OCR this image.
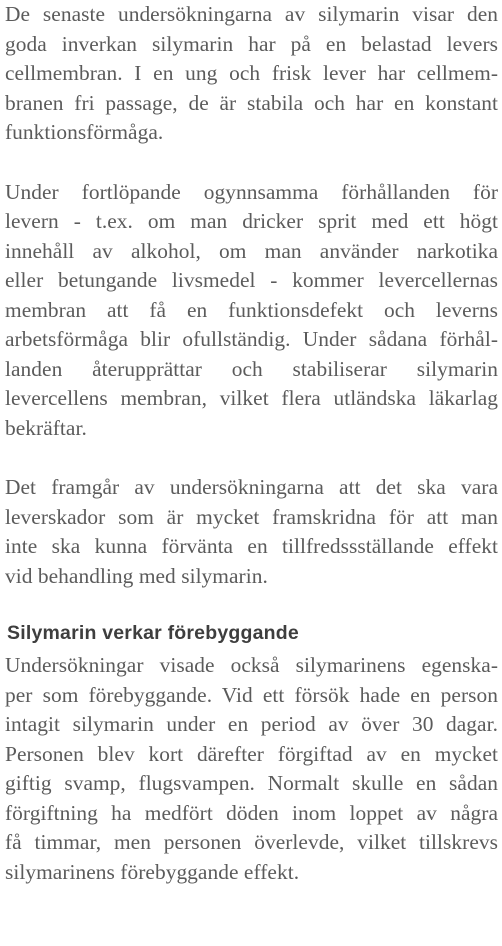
De senaste undersökningarna av silymarin visar den
goda inverkan silymarin har på en belastad levers
cellmembran. I en ung och frisk lever har cellmem-
branen fri passage, de är stabila och har en konstant
funktionsförmåga.
Under fortlöpande ogynnsamma förhållanden för
levern - t.ex. om man dricker sprit med ett högt
innehåll av alkohol, om man använder narkotika
eller betungande livsmedel - kommer levercellernas
membran att få en funktionsdefekt och leverns
arbetsförmåga blir ofullständig. Under sådana förhål-
landen återupprättar och stabiliserar silymarin
levercellens membran, vilket flera utländska läkarlag
bekräftar.
Det framgår av undersökningarna att det ska vara
leverskador som är mycket framskridna för att man
inte ska kunna förvänta en tillfredssställande effekt
vid behandling med silymarin.
Silymarin verkar förebyggande
Undersökningar visade också silymarinens egenska-
per som förebyggande. Vid ett försök hade en person
intagit silymarin under en period av över 30 dagar.
Personen blev kort därefter förgiftad av en mycket
giftig svamp, flugsvampen. Normalt skulle en sådan
förgiftning ha medfört döden inom loppet av några
få timmar, men personen överlevde, vilket tillskrevs
silymarinens förebyggande effekt.
